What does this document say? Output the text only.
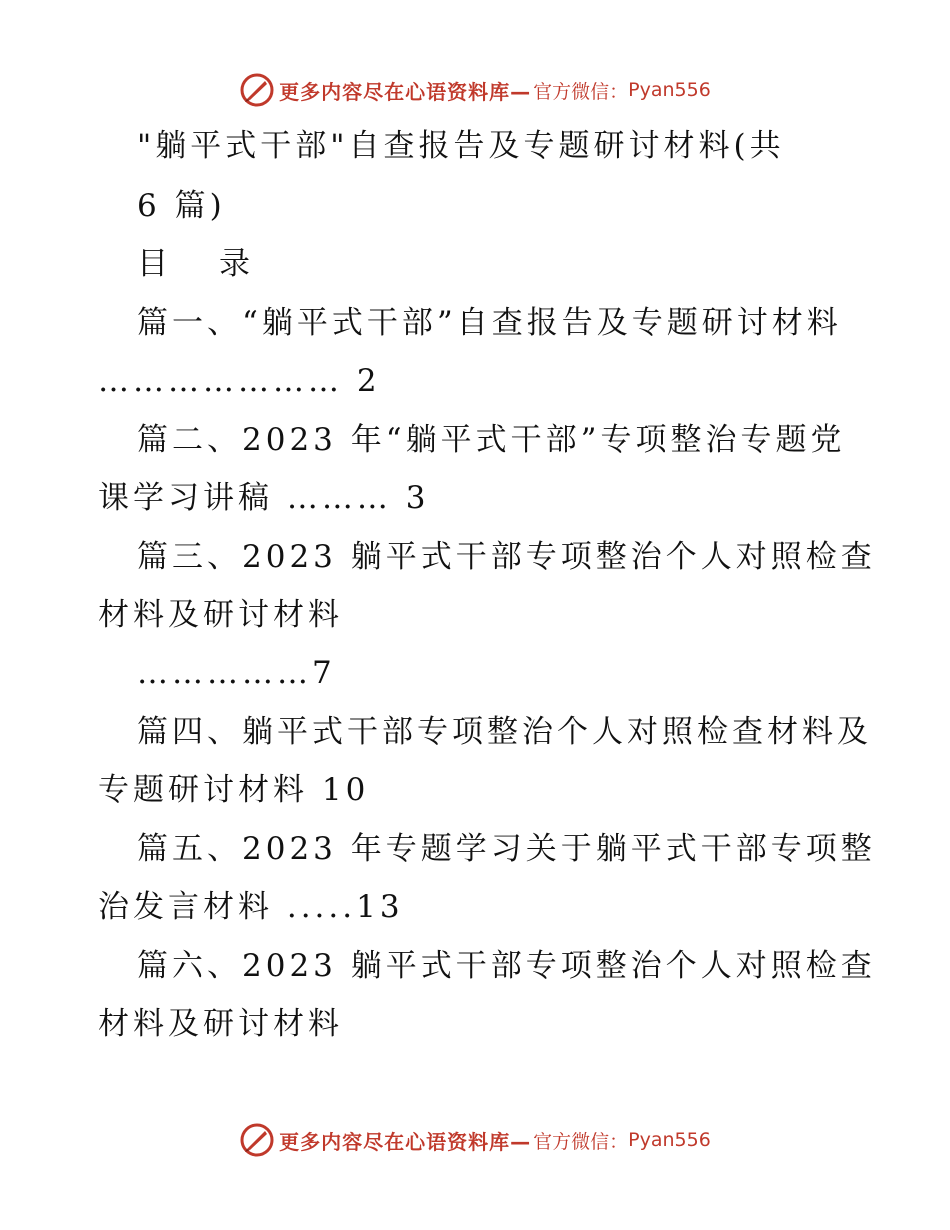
更多内容尽在心语资料库— 官方微信： Pyan556
"躺平式干部"自查报告及专题研讨材料(共
6 篇)
目　录
篇一、“躺平式干部”自查报告及专题研讨材料
………………… 2
篇二、2023 年“躺平式干部”专项整治专题党
课学习讲稿 ……… 3
篇三、2023 躺平式干部专项整治个人对照检查
材料及研讨材料
……………7
篇四、躺平式干部专项整治个人对照检查材料及
专题研讨材料 10
篇五、2023 年专题学习关于躺平式干部专项整
治发言材料 .....13
篇六、2023 躺平式干部专项整治个人对照检查
材料及研讨材料
更多内容尽在心语资料库— 官方微信： Pyan556
